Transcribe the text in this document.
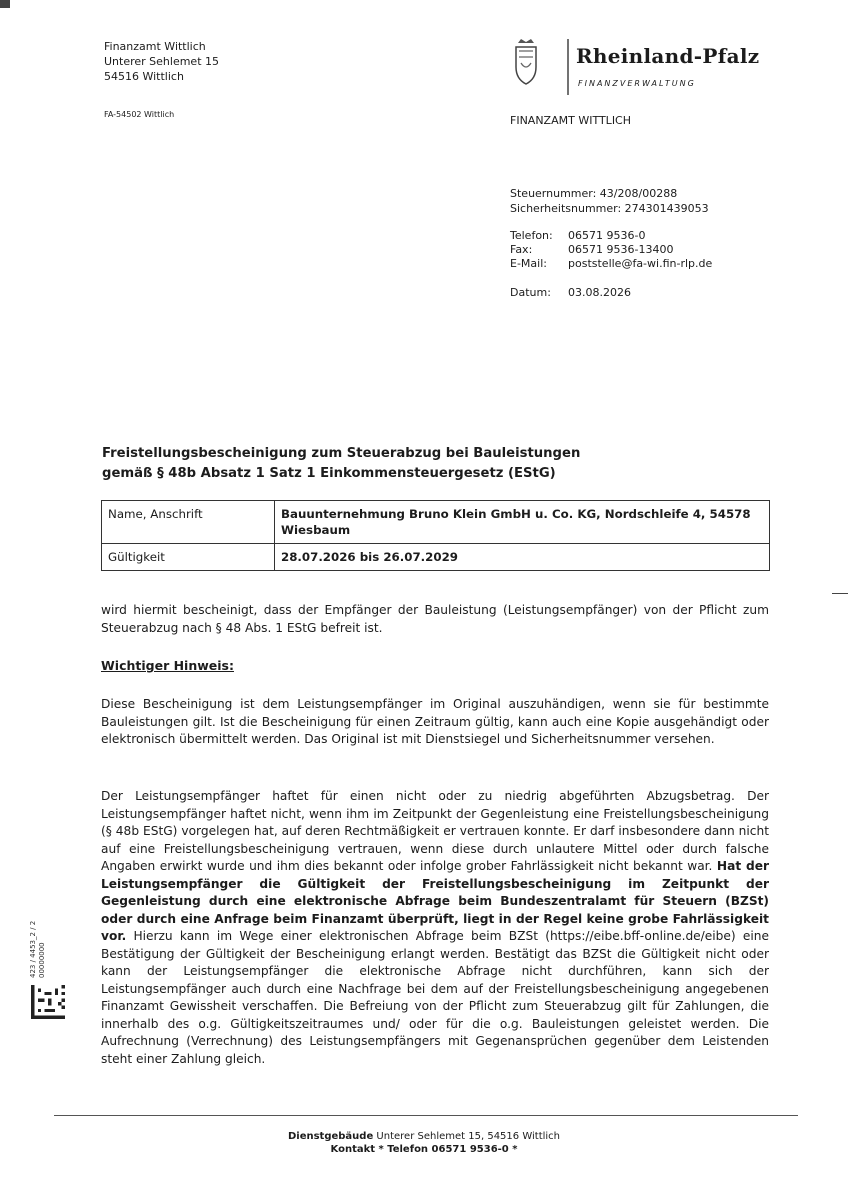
Finanzamt Wittlich
Unterer Sehlemet 15
54516 Wittlich
FA-54502 Wittlich
Rheinland-Pfalz
FINANZVERWALTUNG
FINANZAMT WITTLICH
Steuernummer: 43/208/00288
Sicherheitsnummer: 274301439053
Telefon: 06571 9536-0
Fax:	06571 9536-13400
E-Mail: poststelle@fa-wi.fin-rlp.de
Datum: 03.08.2026
Freistellungsbescheinigung zum Steuerabzug bei Bauleistungen
gemäß § 48b Absatz 1 Satz 1 Einkommensteuergesetz (EStG)
Name, Anschrift	Bauunternehmung Bruno Klein GmbH u. Co. KG, Nordschleife 4, 54578 Wiesbaum
Gültigkeit	28.07.2026 bis 26.07.2029
wird hiermit bescheinigt, dass der Empfänger der Bauleistung (Leistungsempfänger) von der Pflicht zum Steuerabzug nach § 48 Abs. 1 EStG befreit ist.
Wichtiger Hinweis:
Diese Bescheinigung ist dem Leistungsempfänger im Original auszuhändigen, wenn sie für bestimmte Bauleistungen gilt. Ist die Bescheinigung für einen Zeitraum gültig, kann auch eine Kopie ausgehändigt oder elektronisch übermittelt werden. Das Original ist mit Dienstsiegel und Sicherheitsnummer versehen.
Der Leistungsempfänger haftet für einen nicht oder zu niedrig abgeführten Abzugsbetrag. Der Leistungsempfänger haftet nicht, wenn ihm im Zeitpunkt der Gegenleistung eine Freistellungsbescheinigung (§ 48b EStG) vorgelegen hat, auf deren Rechtmäßigkeit er vertrauen konnte. Er darf insbesondere dann nicht auf eine Freistellungsbescheinigung vertrauen, wenn diese durch unlautere Mittel oder durch falsche Angaben erwirkt wurde und ihm dies bekannt oder infolge grober Fahrlässigkeit nicht bekannt war. Hat der Leistungsempfänger die Gültigkeit der Freistellungsbescheinigung im Zeitpunkt der Gegenleistung durch eine elektronische Abfrage beim Bundeszentralamt für Steuern (BZSt) oder durch eine Anfrage beim Finanzamt überprüft, liegt in der Regel keine grobe Fahrlässigkeit vor. Hierzu kann im Wege einer elektronischen Abfrage beim BZSt (https://eibe.bff-online.de/eibe) eine Bestätigung der Gültigkeit der Bescheinigung erlangt werden. Bestätigt das BZSt die Gültigkeit nicht oder kann der Leistungsempfänger die elektronische Abfrage nicht durchführen, kann sich der Leistungsempfänger auch durch eine Nachfrage bei dem auf der Freistellungsbescheinigung angegebenen Finanzamt Gewissheit verschaffen. Die Befreiung von der Pflicht zum Steuerabzug gilt für Zahlungen, die innerhalb des o.g. Gültigkeitszeitraumes und/ oder für die o.g. Bauleistungen geleistet werden. Die Aufrechnung (Verrechnung) des Leistungsempfängers mit Gegenansprüchen gegenüber dem Leistenden steht einer Zahlung gleich.
423 / 4453_2 / 2 00000000
Dienstgebäude Unterer Sehlemet 15, 54516 Wittlich
Kontakt * Telefon 06571 9536-0 *
